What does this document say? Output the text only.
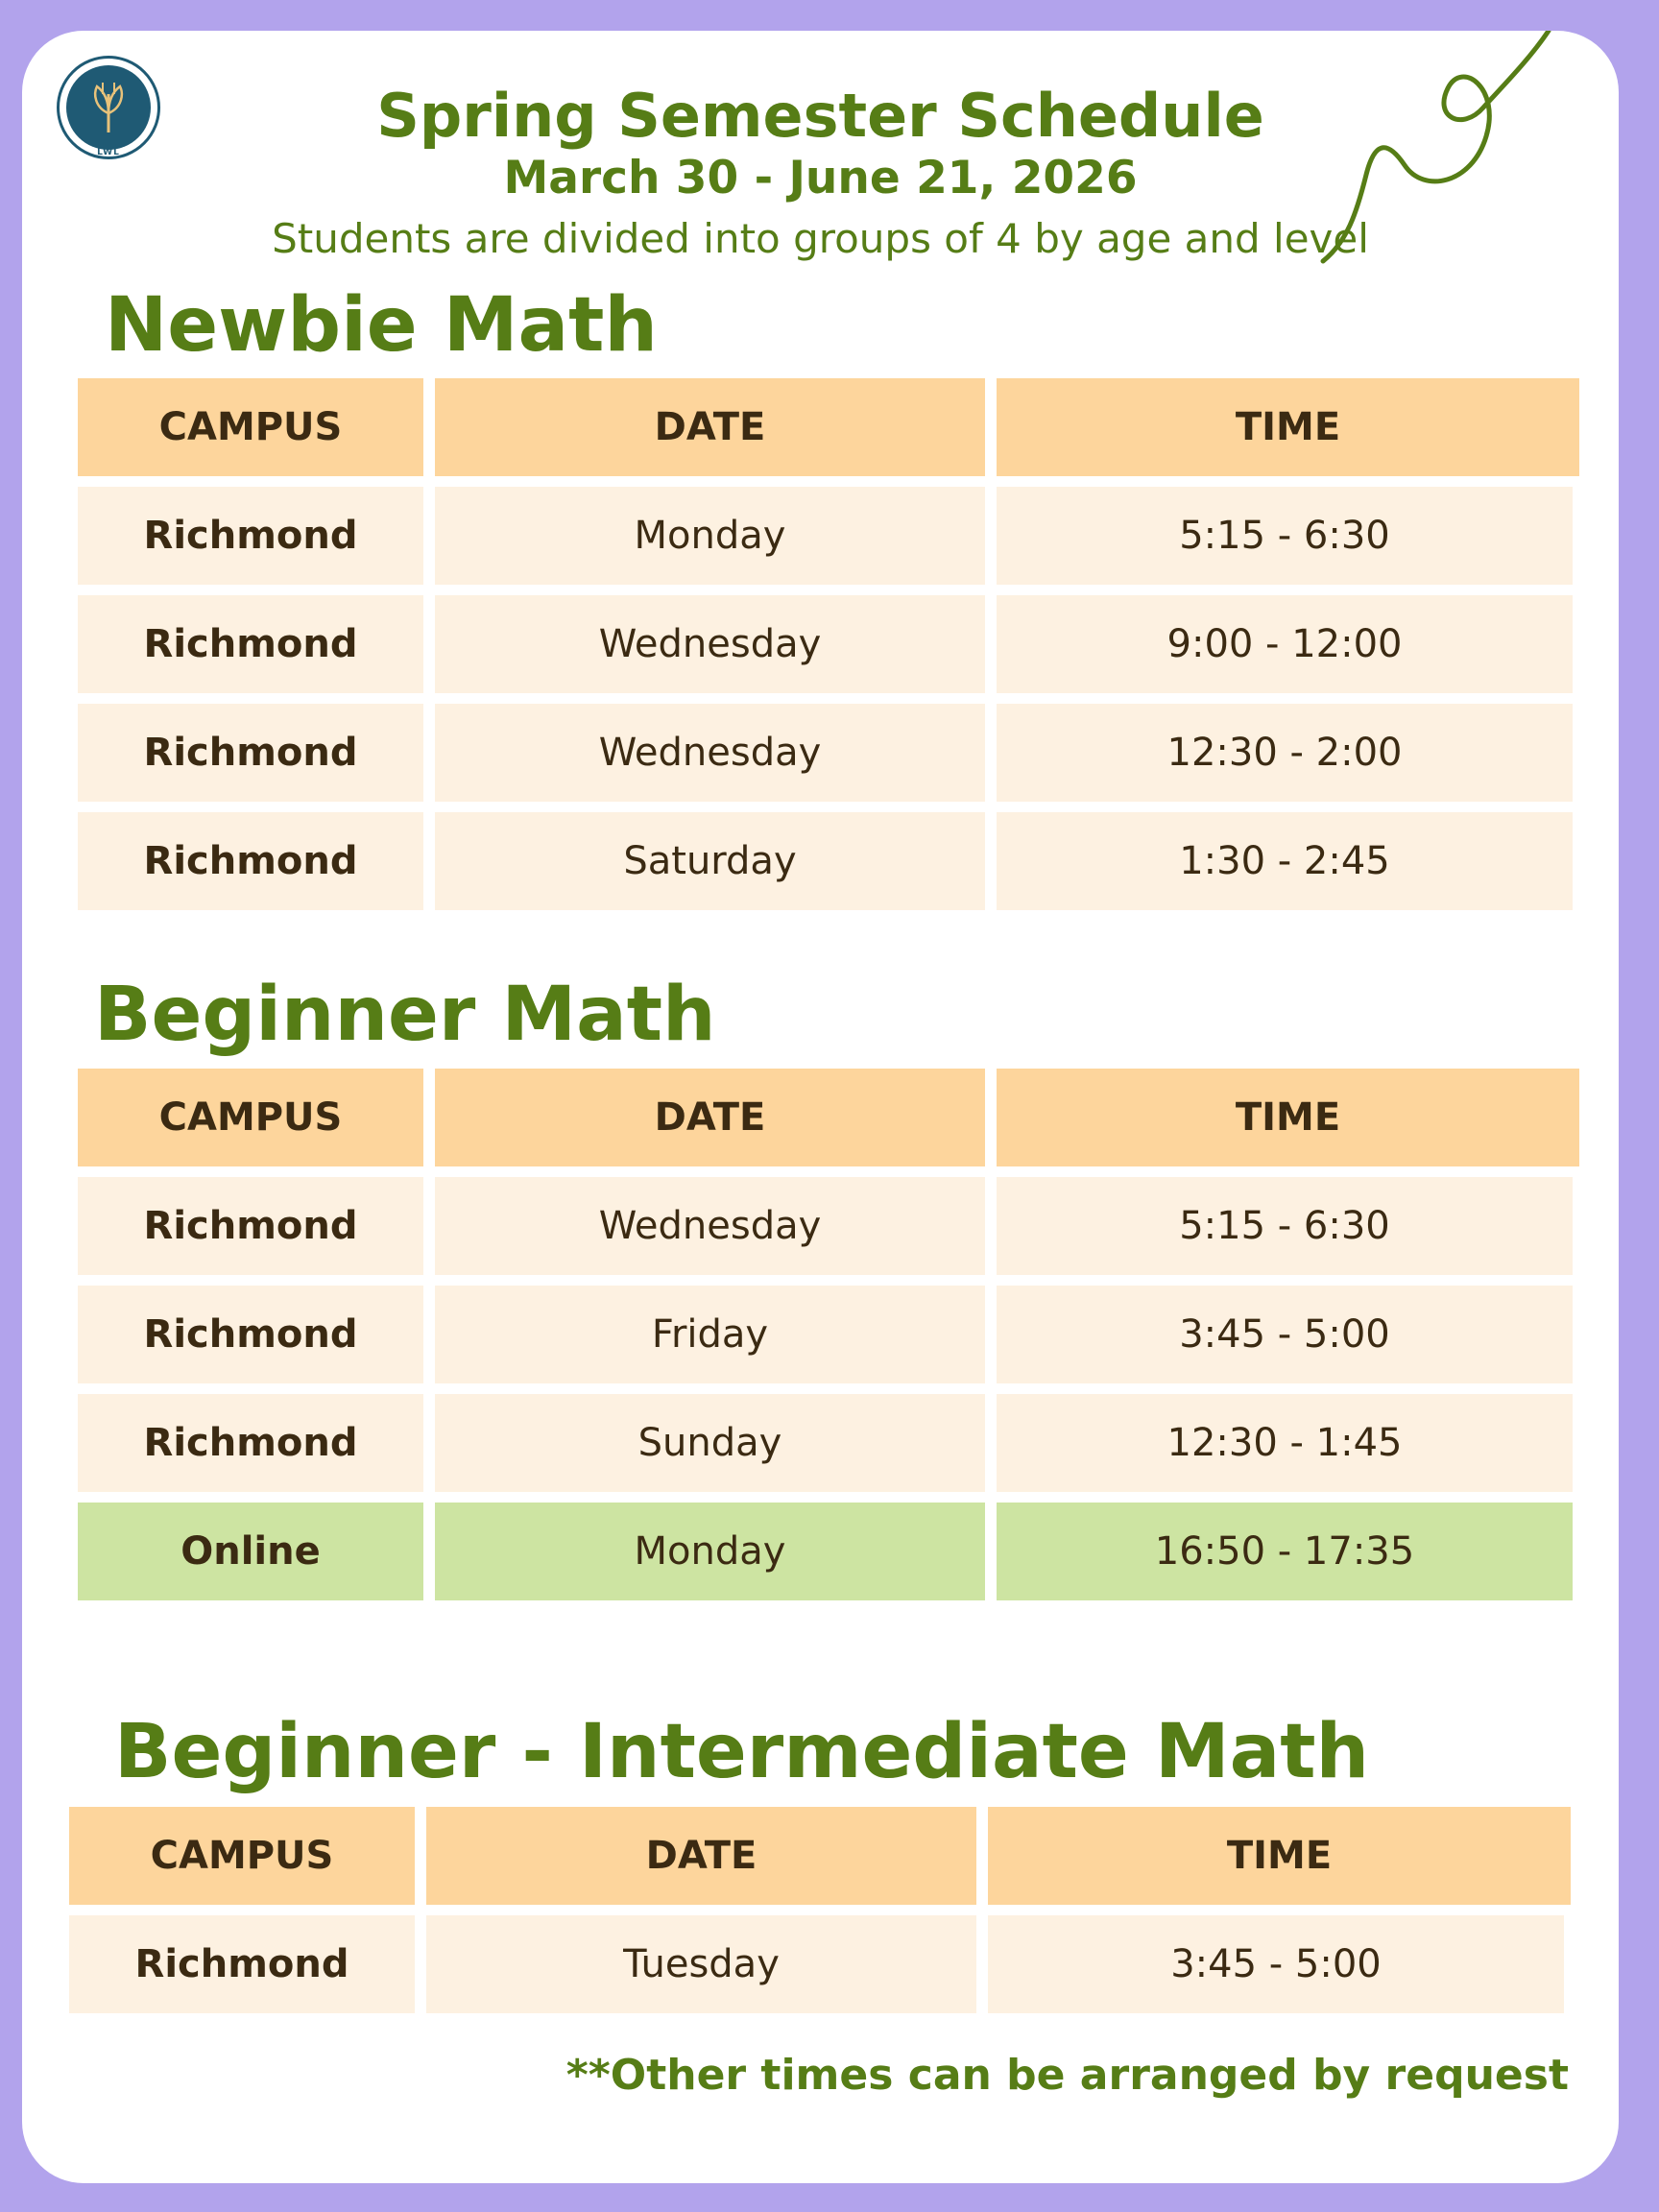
LWL
Spring Semester Schedule
March 30 - June 21, 2026
Students are divided into groups of 4 by age and level
Newbie Math
CAMPUS	DATE	TIME
Richmond	Monday	5:15 - 6:30
Richmond	Wednesday	9:00 - 12:00
Richmond	Wednesday	12:30 - 2:00
Richmond	Saturday	1:30 - 2:45
Beginner Math
CAMPUS	DATE	TIME
Richmond	Wednesday	5:15 - 6:30
Richmond	Friday	3:45 - 5:00
Richmond	Sunday	12:30 - 1:45
Online	Monday	16:50 - 17:35
Beginner - Intermediate Math
CAMPUS	DATE	TIME
Richmond	Tuesday	3:45 - 5:00
**Other times can be arranged by request
